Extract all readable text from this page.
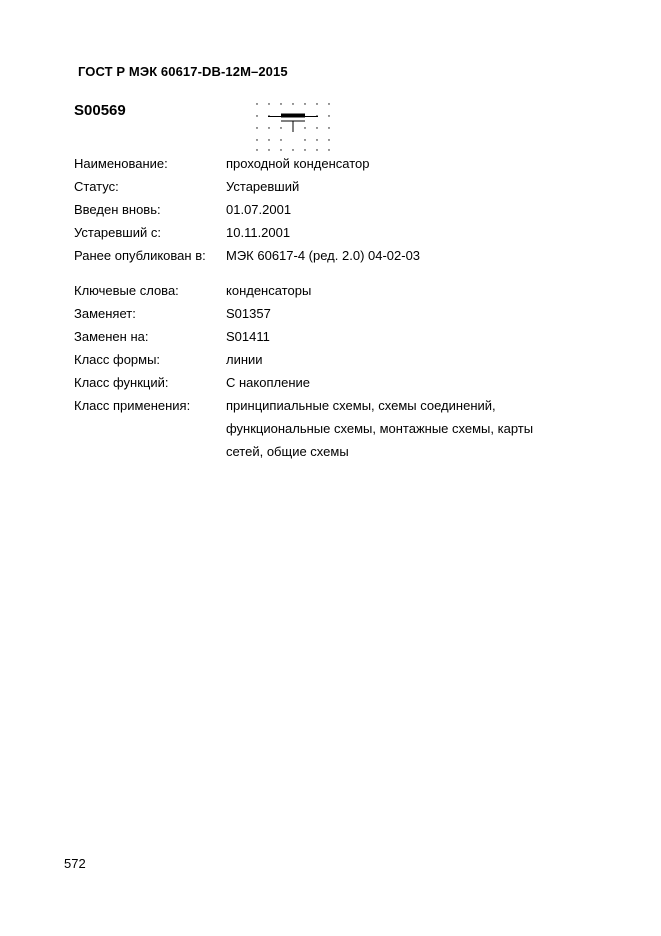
ГОСТ Р МЭК 60617-DB-12M–2015
S00569
Наименование:	проходной конденсатор
Статус:	Устаревший
Введен вновь:	01.07.2001
Устаревший с:	10.11.2001
Ранее опубликован в: МЭК 60617-4 (ред. 2.0) 04-02-03
Ключевые слова:	конденсаторы
Заменяет:	S01357
Заменен на:	S01411
Класс формы:	линии
Класс функций:	С накопление
Класс применения:	принципиальные схемы, схемы соединений, функциональные схемы, монтажные схемы, карты сетей, общие схемы
572
